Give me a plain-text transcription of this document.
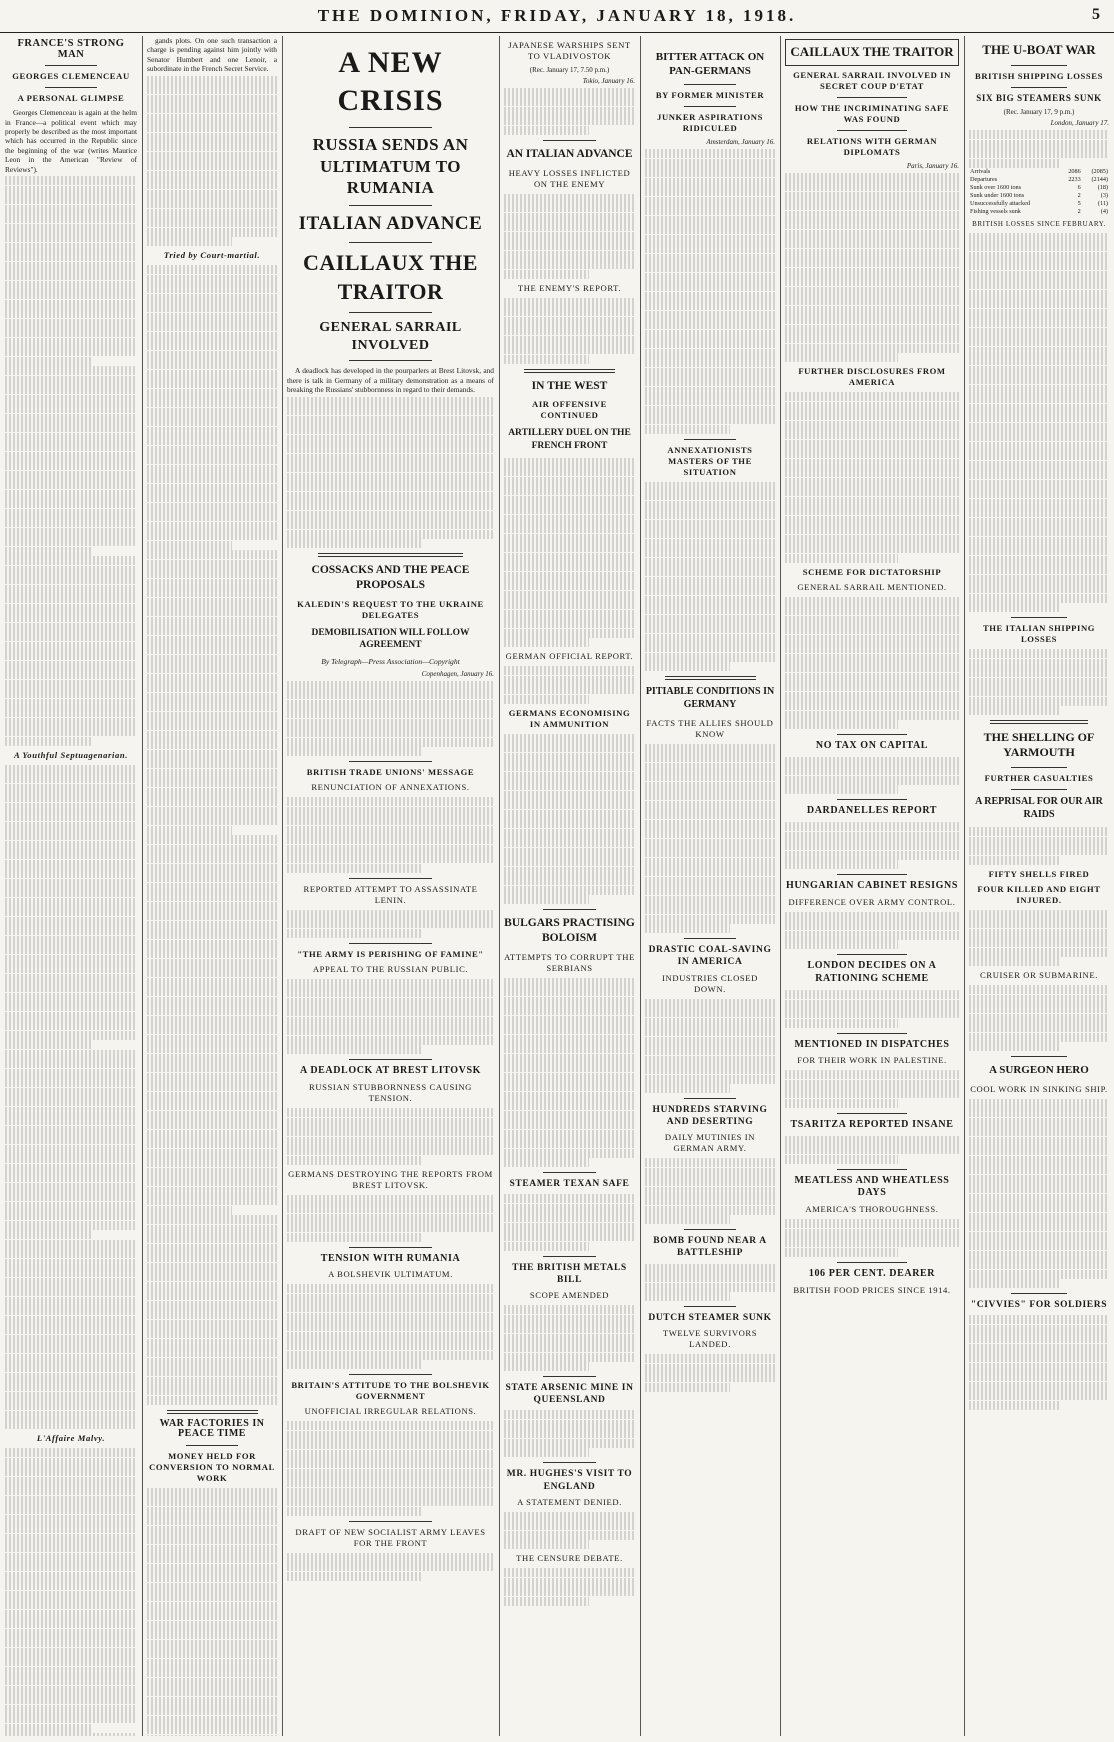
THE DOMINION, FRIDAY, JANUARY 18, 1918.	5
FRANCE'S STRONG MAN
GEORGES CLEMENCEAU
A PERSONAL GLIMPSE

Georges Clemenceau is again at the helm in France—a political event which may properly be described as the most important which has occurred in the Republic since the beginning of the war (writes Maurice Leon in the American "Review of Reviews").

A Youthful Septuagenarian.
L'Affaire Malvy.

gands plots. On one such transaction a charge is pending against him jointly with Senator Humbert and one Lenoir, a subordinate in the French Secret Service.

Tried by Court-martial.
WAR FACTORIES IN PEACE TIME
MONEY HELD FOR CONVERSION TO NORMAL WORK
A NEW CRISIS
RUSSIA SENDS AN ULTIMATUM TO RUMANIA
ITALIAN ADVANCE
CAILLAUX THE TRAITOR
GENERAL SARRAIL INVOLVED

A deadlock has developed in the pourparlers at Brest Litovsk, and there is talk in Germany of a military demonstration as a means of breaking the Russians' stubbornness in regard to their demands.

COSSACKS AND THE PEACE PROPOSALS
KALEDIN'S REQUEST TO THE UKRAINE DELEGATES
DEMOBILISATION WILL FOLLOW AGREEMENT
By Telegraph—Press Association—Copyright
Copenhagen, January 16.
BRITISH TRADE UNIONS' MESSAGE
RENUNCIATION OF ANNEXATIONS.
REPORTED ATTEMPT TO ASSASSINATE LENIN.
"THE ARMY IS PERISHING OF FAMINE"
APPEAL TO THE RUSSIAN PUBLIC.
A DEADLOCK AT BREST LITOVSK
RUSSIAN STUBBORNNESS CAUSING TENSION.
GERMANS DESTROYING THE REPORTS FROM BREST LITOVSK.
TENSION WITH RUMANIA
A BOLSHEVIK ULTIMATUM.
BRITAIN'S ATTITUDE TO THE BOLSHEVIK GOVERNMENT
UNOFFICIAL IRREGULAR RELATIONS.
DRAFT OF NEW SOCIALIST ARMY LEAVES FOR THE FRONT
JAPANESE WARSHIPS SENT TO VLADIVOSTOK
(Rec. January 17, 7.50 p.m.)
Tokio, January 16.
AN ITALIAN ADVANCE
HEAVY LOSSES INFLICTED ON THE ENEMY
THE ENEMY'S REPORT.
IN THE WEST
AIR OFFENSIVE CONTINUED
ARTILLERY DUEL ON THE FRENCH FRONT
GERMAN OFFICIAL REPORT.
GERMANS ECONOMISING IN AMMUNITION
BULGARS PRACTISING BOLOISM
ATTEMPTS TO CORRUPT THE SERBIANS
STEAMER TEXAN SAFE
THE BRITISH METALS BILL
SCOPE AMENDED
STATE ARSENIC MINE IN QUEENSLAND
MR. HUGHES'S VISIT TO ENGLAND
A STATEMENT DENIED.
THE CENSURE DEBATE.
BITTER ATTACK ON PAN-GERMANS
BY FORMER MINISTER
JUNKER ASPIRATIONS RIDICULED
Amsterdam, January 16.
ANNEXATIONISTS MASTERS OF THE SITUATION
PITIABLE CONDITIONS IN GERMANY
FACTS THE ALLIES SHOULD KNOW
DRASTIC COAL-SAVING IN AMERICA
INDUSTRIES CLOSED DOWN.
HUNDREDS STARVING AND DESERTING
DAILY MUTINIES IN GERMAN ARMY.
BOMB FOUND NEAR A BATTLESHIP
DUTCH STEAMER SUNK
TWELVE SURVIVORS LANDED.
CAILLAUX THE TRAITOR
GENERAL SARRAIL INVOLVED IN SECRET COUP D'ETAT
HOW THE INCRIMINATING SAFE WAS FOUND
RELATIONS WITH GERMAN DIPLOMATS
Paris, January 16.
FURTHER DISCLOSURES FROM AMERICA
SCHEME FOR DICTATORSHIP
GENERAL SARRAIL MENTIONED.
NO TAX ON CAPITAL
DARDANELLES REPORT
HUNGARIAN CABINET RESIGNS
DIFFERENCE OVER ARMY CONTROL.
LONDON DECIDES ON A RATIONING SCHEME
MENTIONED IN DISPATCHES
FOR THEIR WORK IN PALESTINE.
TSARITZA REPORTED INSANE
MEATLESS AND WHEATLESS DAYS
AMERICA'S THOROUGHNESS.
106 PER CENT. DEARER
BRITISH FOOD PRICES SINCE 1914.
THE U-BOAT WAR
BRITISH SHIPPING LOSSES
SIX BIG STEAMERS SUNK
(Rec. January 17, 9 p.m.)
London, January 17.
Arrivals	2086	(2085)
Departures	2233	(2144)
Sunk over 1600 tons	6	(18)
Sunk under 1600 tons	2	(3)
Unsuccessfully attacked	5	(11)
Fishing vessels sunk	2	(4)
BRITISH LOSSES SINCE FEBRUARY.
THE ITALIAN SHIPPING LOSSES
THE SHELLING OF YARMOUTH
FURTHER CASUALTIES
A REPRISAL FOR OUR AIR RAIDS
FIFTY SHELLS FIRED
FOUR KILLED AND EIGHT INJURED.
CRUISER OR SUBMARINE.
A SURGEON HERO
COOL WORK IN SINKING SHIP.
"CIVVIES" FOR SOLDIERS
